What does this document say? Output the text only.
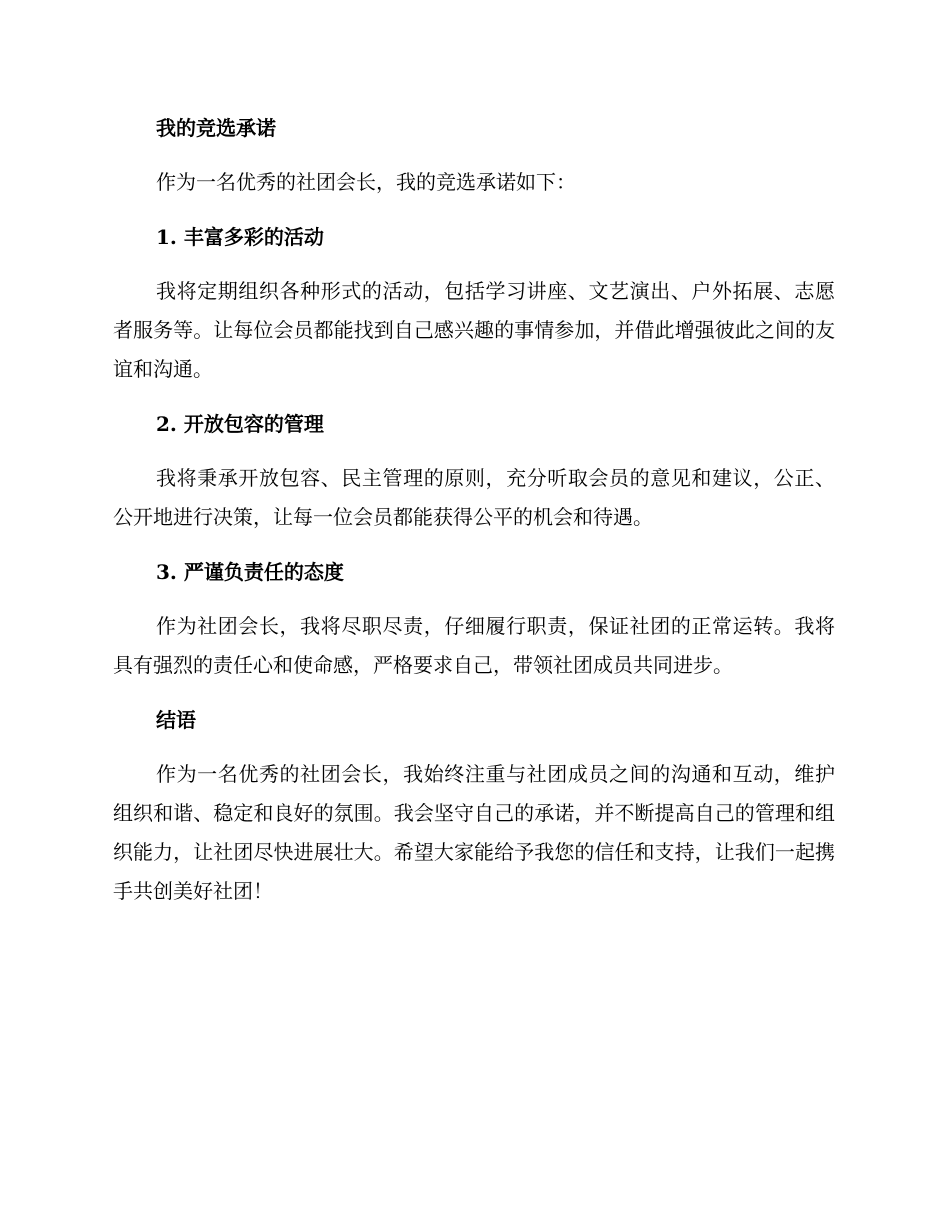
我的竞选承诺

作为一名优秀的社团会长，我的竞选承诺如下：

1. 丰富多彩的活动

我将定期组织各种形式的活动，包括学习讲座、文艺演出、户外拓展、志愿者服务等。让每位会员都能找到自己感兴趣的事情参加，并借此增强彼此之间的友谊和沟通。

2. 开放包容的管理

我将秉承开放包容、民主管理的原则，充分听取会员的意见和建议，公正、公开地进行决策，让每一位会员都能获得公平的机会和待遇。

3. 严谨负责任的态度

作为社团会长，我将尽职尽责，仔细履行职责，保证社团的正常运转。我将具有强烈的责任心和使命感，严格要求自己，带领社团成员共同进步。

结语

作为一名优秀的社团会长，我始终注重与社团成员之间的沟通和互动，维护组织和谐、稳定和良好的氛围。我会坚守自己的承诺，并不断提高自己的管理和组织能力，让社团尽快进展壮大。希望大家能给予我您的信任和支持，让我们一起携手共创美好社团！
